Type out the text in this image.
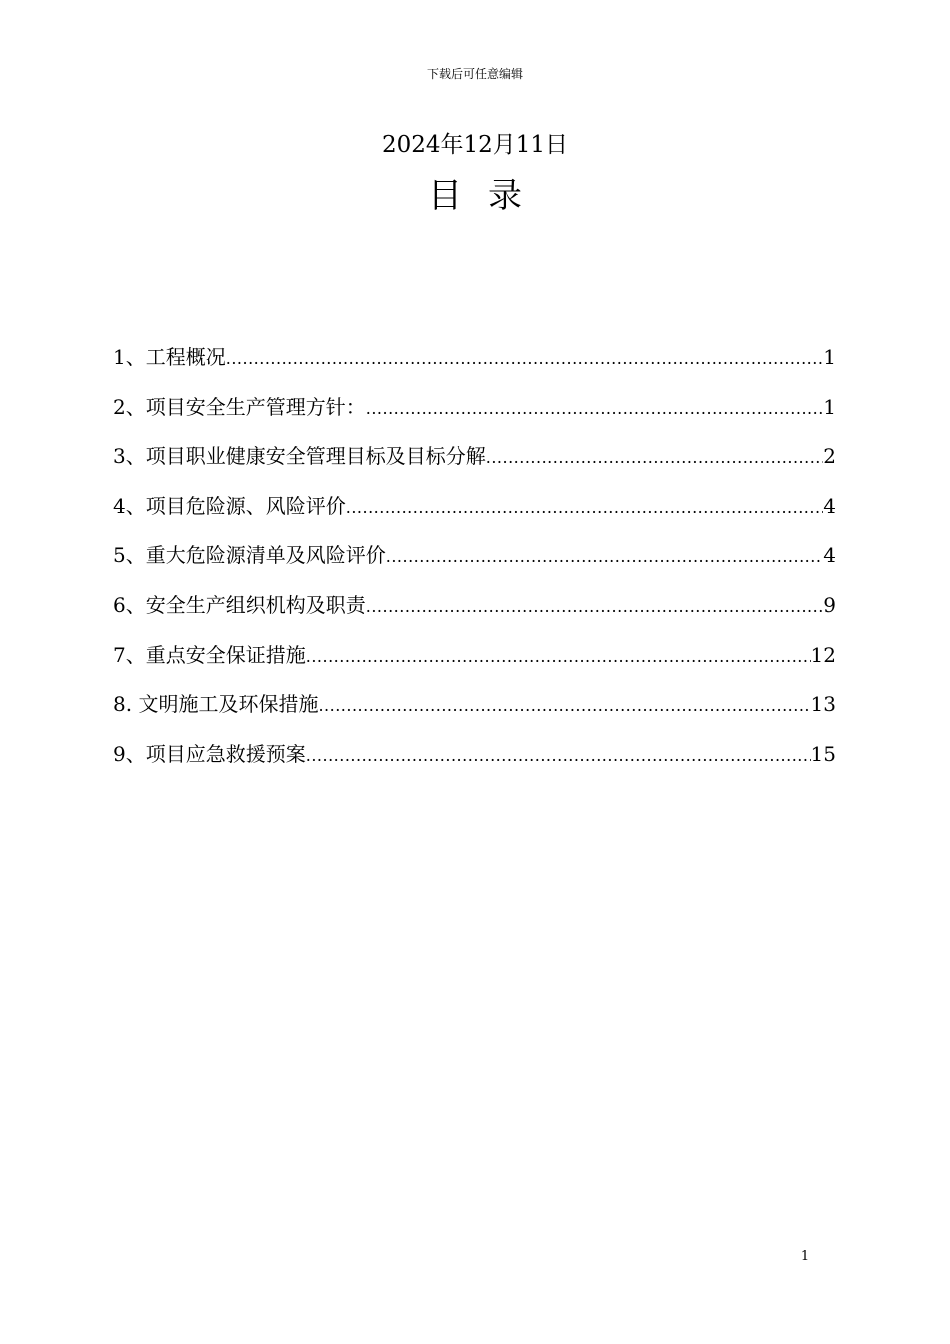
下载后可任意编辑
2024年12月11日
目录
1、工程概况 .....	1
2、项目安全生产管理方针： .....	1
3、项目职业健康安全管理目标及目标分解 .....	2
4、项目危险源、风险评价 .....	4
5、重大危险源清单及风险评价 .....	4
6、安全生产组织机构及职责 .....	9
7、重点安全保证措施 .....	12
8. 文明施工及环保措施 .....	13
9、项目应急救援预案 .....	15
1
